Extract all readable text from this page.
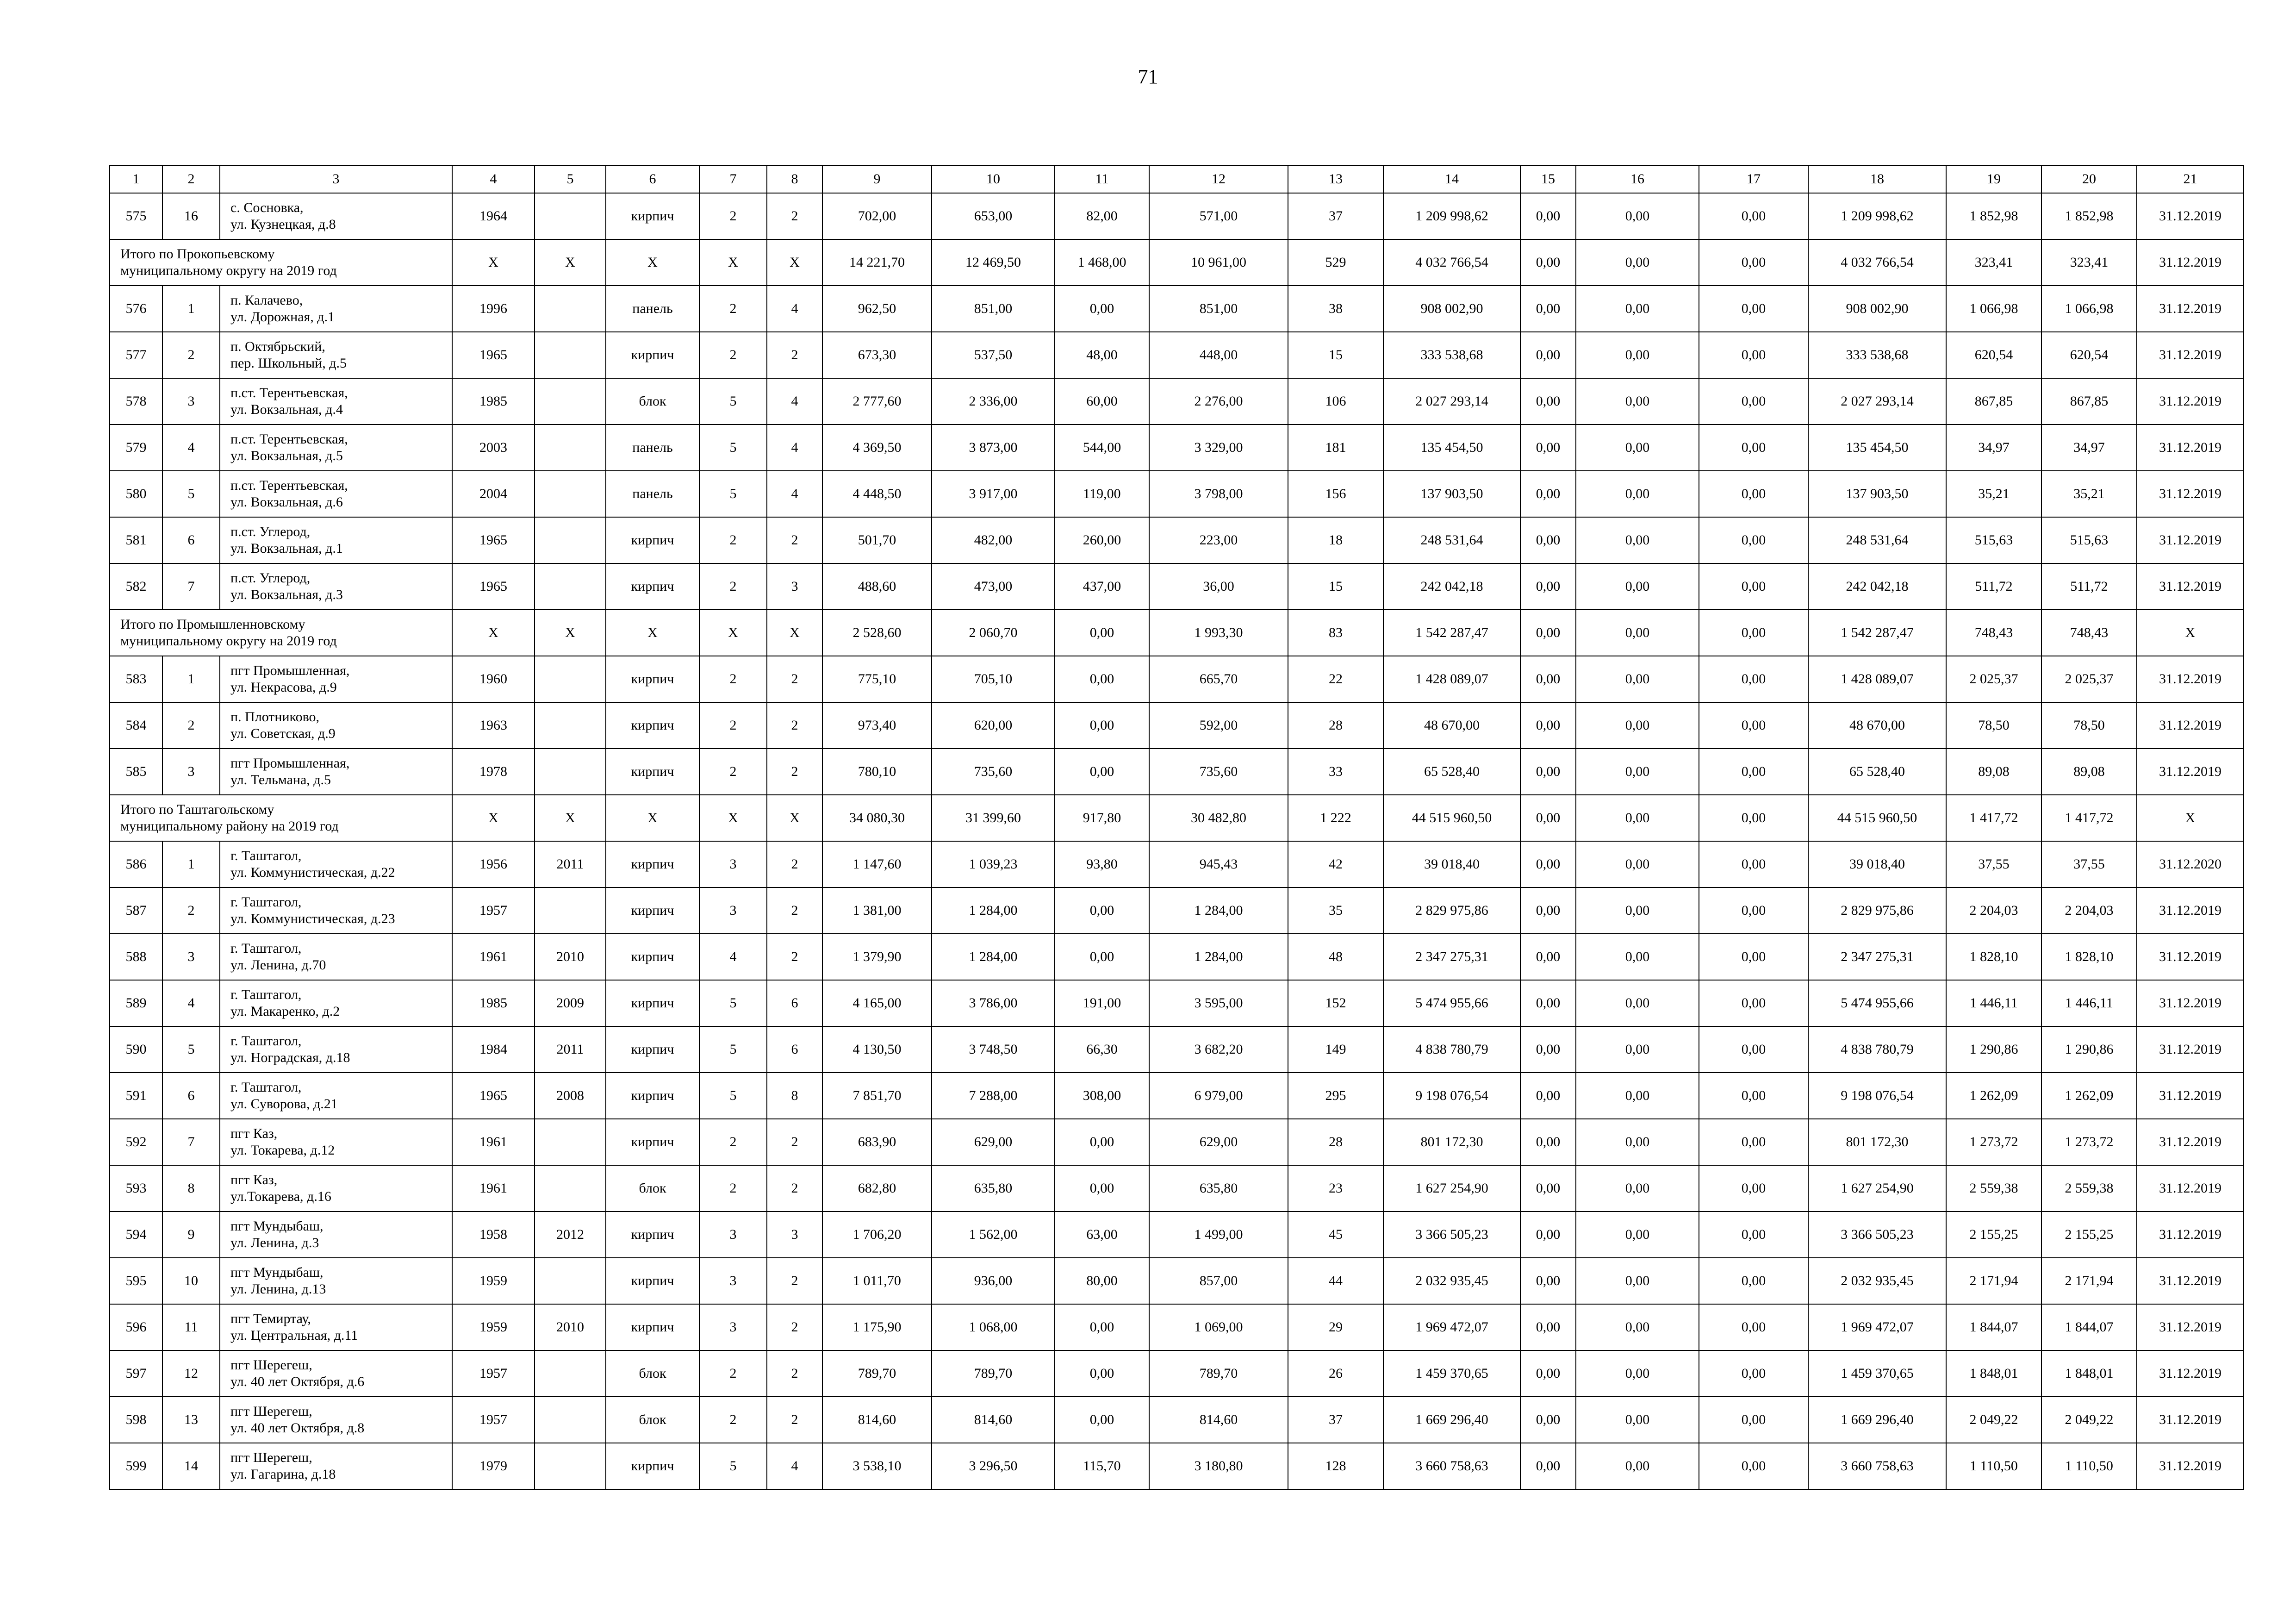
71
1	2	3	4	5	6	7	8	9	10	11	12	13	14	15	16	17	18	19	20	21
575	16	с. Сосновка,
ул. Кузнецкая, д.8	1964		кирпич	2	2	702,00	653,00	82,00	571,00	37	1 209 998,62	0,00	0,00	0,00	1 209 998,62	1 852,98	1 852,98	31.12.2019

Итого по Прокопьевскому
муниципальному округу на 2019 год			X	X	X	X	X	14 221,70	12 469,50	1 468,00	10 961,00	529	4 032 766,54	0,00	0,00	0,00	4 032 766,54	323,41	323,41	31.12.2019
576	1	п. Калачево,
ул. Дорожная, д.1	1996		панель	2	4	962,50	851,00	0,00	851,00	38	908 002,90	0,00	0,00	0,00	908 002,90	1 066,98	1 066,98	31.12.2019
577	2	п. Октябрьский,
пер. Школьный, д.5	1965		кирпич	2	2	673,30	537,50	48,00	448,00	15	333 538,68	0,00	0,00	0,00	333 538,68	620,54	620,54	31.12.2019
578	3	п.ст. Терентьевская,
ул. Вокзальная, д.4	1985		блок	5	4	2 777,60	2 336,00	60,00	2 276,00	106	2 027 293,14	0,00	0,00	0,00	2 027 293,14	867,85	867,85	31.12.2019
579	4	п.ст. Терентьевская,
ул. Вокзальная, д.5	2003		панель	5	4	4 369,50	3 873,00	544,00	3 329,00	181	135 454,50	0,00	0,00	0,00	135 454,50	34,97	34,97	31.12.2019
580	5	п.ст. Терентьевская,
ул. Вокзальная, д.6	2004		панель	5	4	4 448,50	3 917,00	119,00	3 798,00	156	137 903,50	0,00	0,00	0,00	137 903,50	35,21	35,21	31.12.2019
581	6	п.ст. Углерод,
ул. Вокзальная, д.1	1965		кирпич	2	2	501,70	482,00	260,00	223,00	18	248 531,64	0,00	0,00	0,00	248 531,64	515,63	515,63	31.12.2019
582	7	п.ст. Углерод,
ул. Вокзальная, д.3	1965		кирпич	2	3	488,60	473,00	437,00	36,00	15	242 042,18	0,00	0,00	0,00	242 042,18	511,72	511,72	31.12.2019

Итого по Промышленновскому
муниципальному округу на 2019 год			X	X	X	X	X	2 528,60	2 060,70	0,00	1 993,30	83	1 542 287,47	0,00	0,00	0,00	1 542 287,47	748,43	748,43	X
583	1	пгт Промышленная,
ул. Некрасова, д.9	1960		кирпич	2	2	775,10	705,10	0,00	665,70	22	1 428 089,07	0,00	0,00	0,00	1 428 089,07	2 025,37	2 025,37	31.12.2019
584	2	п. Плотниково,
ул. Советская, д.9	1963		кирпич	2	2	973,40	620,00	0,00	592,00	28	48 670,00	0,00	0,00	0,00	48 670,00	78,50	78,50	31.12.2019
585	3	пгт Промышленная,
ул. Тельмана, д.5	1978		кирпич	2	2	780,10	735,60	0,00	735,60	33	65 528,40	0,00	0,00	0,00	65 528,40	89,08	89,08	31.12.2019

Итого по Таштагольскому
муниципальному району на 2019 год			X	X	X	X	X	34 080,30	31 399,60	917,80	30 482,80	1 222	44 515 960,50	0,00	0,00	0,00	44 515 960,50	1 417,72	1 417,72	X
586	1	г. Таштагол,
ул. Коммунистическая, д.22	1956	2011	кирпич	3	2	1 147,60	1 039,23	93,80	945,43	42	39 018,40	0,00	0,00	0,00	39 018,40	37,55	37,55	31.12.2020
587	2	г. Таштагол,
ул. Коммунистическая, д.23	1957		кирпич	3	2	1 381,00	1 284,00	0,00	1 284,00	35	2 829 975,86	0,00	0,00	0,00	2 829 975,86	2 204,03	2 204,03	31.12.2019
588	3	г. Таштагол,
ул. Ленина, д.70	1961	2010	кирпич	4	2	1 379,90	1 284,00	0,00	1 284,00	48	2 347 275,31	0,00	0,00	0,00	2 347 275,31	1 828,10	1 828,10	31.12.2019
589	4	г. Таштагол,
ул. Макаренко, д.2	1985	2009	кирпич	5	6	4 165,00	3 786,00	191,00	3 595,00	152	5 474 955,66	0,00	0,00	0,00	5 474 955,66	1 446,11	1 446,11	31.12.2019
590	5	г. Таштагол,
ул. Ноградская, д.18	1984	2011	кирпич	5	6	4 130,50	3 748,50	66,30	3 682,20	149	4 838 780,79	0,00	0,00	0,00	4 838 780,79	1 290,86	1 290,86	31.12.2019
591	6	г. Таштагол,
ул. Суворова, д.21	1965	2008	кирпич	5	8	7 851,70	7 288,00	308,00	6 979,00	295	9 198 076,54	0,00	0,00	0,00	9 198 076,54	1 262,09	1 262,09	31.12.2019
592	7	пгт Каз,
ул. Токарева, д.12	1961		кирпич	2	2	683,90	629,00	0,00	629,00	28	801 172,30	0,00	0,00	0,00	801 172,30	1 273,72	1 273,72	31.12.2019
593	8	пгт Каз,
ул.Токарева, д.16	1961		блок	2	2	682,80	635,80	0,00	635,80	23	1 627 254,90	0,00	0,00	0,00	1 627 254,90	2 559,38	2 559,38	31.12.2019
594	9	пгт Мундыбаш,
ул. Ленина, д.3	1958	2012	кирпич	3	3	1 706,20	1 562,00	63,00	1 499,00	45	3 366 505,23	0,00	0,00	0,00	3 366 505,23	2 155,25	2 155,25	31.12.2019
595	10	пгт Мундыбаш,
ул. Ленина, д.13	1959		кирпич	3	2	1 011,70	936,00	80,00	857,00	44	2 032 935,45	0,00	0,00	0,00	2 032 935,45	2 171,94	2 171,94	31.12.2019
596	11	пгт Темиртау,
ул. Центральная, д.11	1959	2010	кирпич	3	2	1 175,90	1 068,00	0,00	1 069,00	29	1 969 472,07	0,00	0,00	0,00	1 969 472,07	1 844,07	1 844,07	31.12.2019
597	12	пгт Шерегеш,
ул. 40 лет Октября, д.6	1957		блок	2	2	789,70	789,70	0,00	789,70	26	1 459 370,65	0,00	0,00	0,00	1 459 370,65	1 848,01	1 848,01	31.12.2019
598	13	пгт Шерегеш,
ул. 40 лет Октября, д.8	1957		блок	2	2	814,60	814,60	0,00	814,60	37	1 669 296,40	0,00	0,00	0,00	1 669 296,40	2 049,22	2 049,22	31.12.2019
599	14	пгт Шерегеш,
ул. Гагарина, д.18	1979		кирпич	5	4	3 538,10	3 296,50	115,70	3 180,80	128	3 660 758,63	0,00	0,00	0,00	3 660 758,63	1 110,50	1 110,50	31.12.2019
